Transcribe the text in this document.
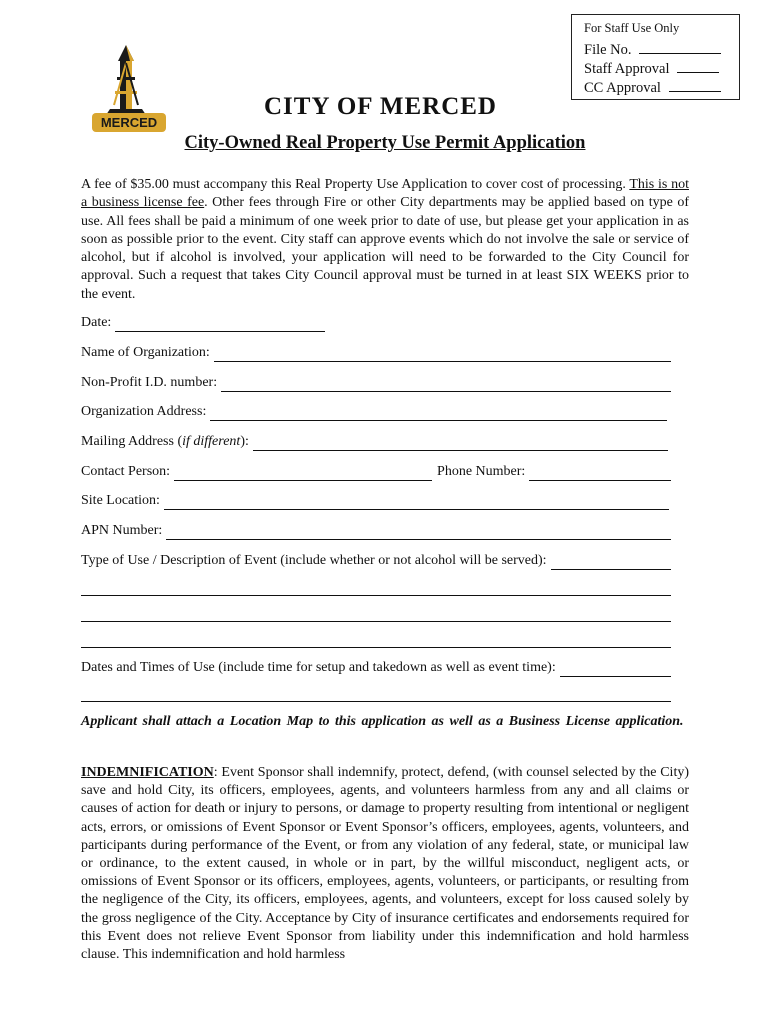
For Staff Use Only
File No.
Staff Approval
CC Approval
MERCED
CITY OF MERCED
City-Owned Real Property Use Permit Application
A fee of $35.00 must accompany this Real Property Use Application to cover cost of processing. This is not a business license fee. Other fees through Fire or other City departments may be applied based on type of use. All fees shall be paid a minimum of one week prior to date of use, but please get your application in as soon as possible prior to the event. City staff can approve events which do not involve the sale or service of alcohol, but if alcohol is involved, your application will need to be forwarded to the City Council for approval. Such a request that takes City Council approval must be turned in at least SIX WEEKS prior to the event.
Date:
Name of Organization:
Non-Profit I.D. number:
Organization Address:
Mailing Address (if different):
Contact Person:	Phone Number:
Site Location:
APN Number:
Type of Use / Description of Event (include whether or not alcohol will be served):
Dates and Times of Use (include time for setup and takedown as well as event time):
Applicant shall attach a Location Map to this application as well as a Business License application.
INDEMNIFICATION: Event Sponsor shall indemnify, protect, defend, (with counsel selected by the City) save and hold City, its officers, employees, agents, and volunteers harmless from any and all claims or causes of action for death or injury to persons, or damage to property resulting from intentional or negligent acts, errors, or omissions of Event Sponsor or Event Sponsor’s officers, employees, agents, volunteers, and participants during performance of the Event, or from any violation of any federal, state, or municipal law or ordinance, to the extent caused, in whole or in part, by the willful misconduct, negligent acts, or omissions of Event Sponsor or its officers, employees, agents, volunteers, or participants, or resulting from the negligence of the City, its officers, employees, agents, and volunteers, except for loss caused solely by the gross negligence of the City. Acceptance by City of insurance certificates and endorsements required for this Event does not relieve Event Sponsor from liability under this indemnification and hold harmless clause. This indemnification and hold harmless
